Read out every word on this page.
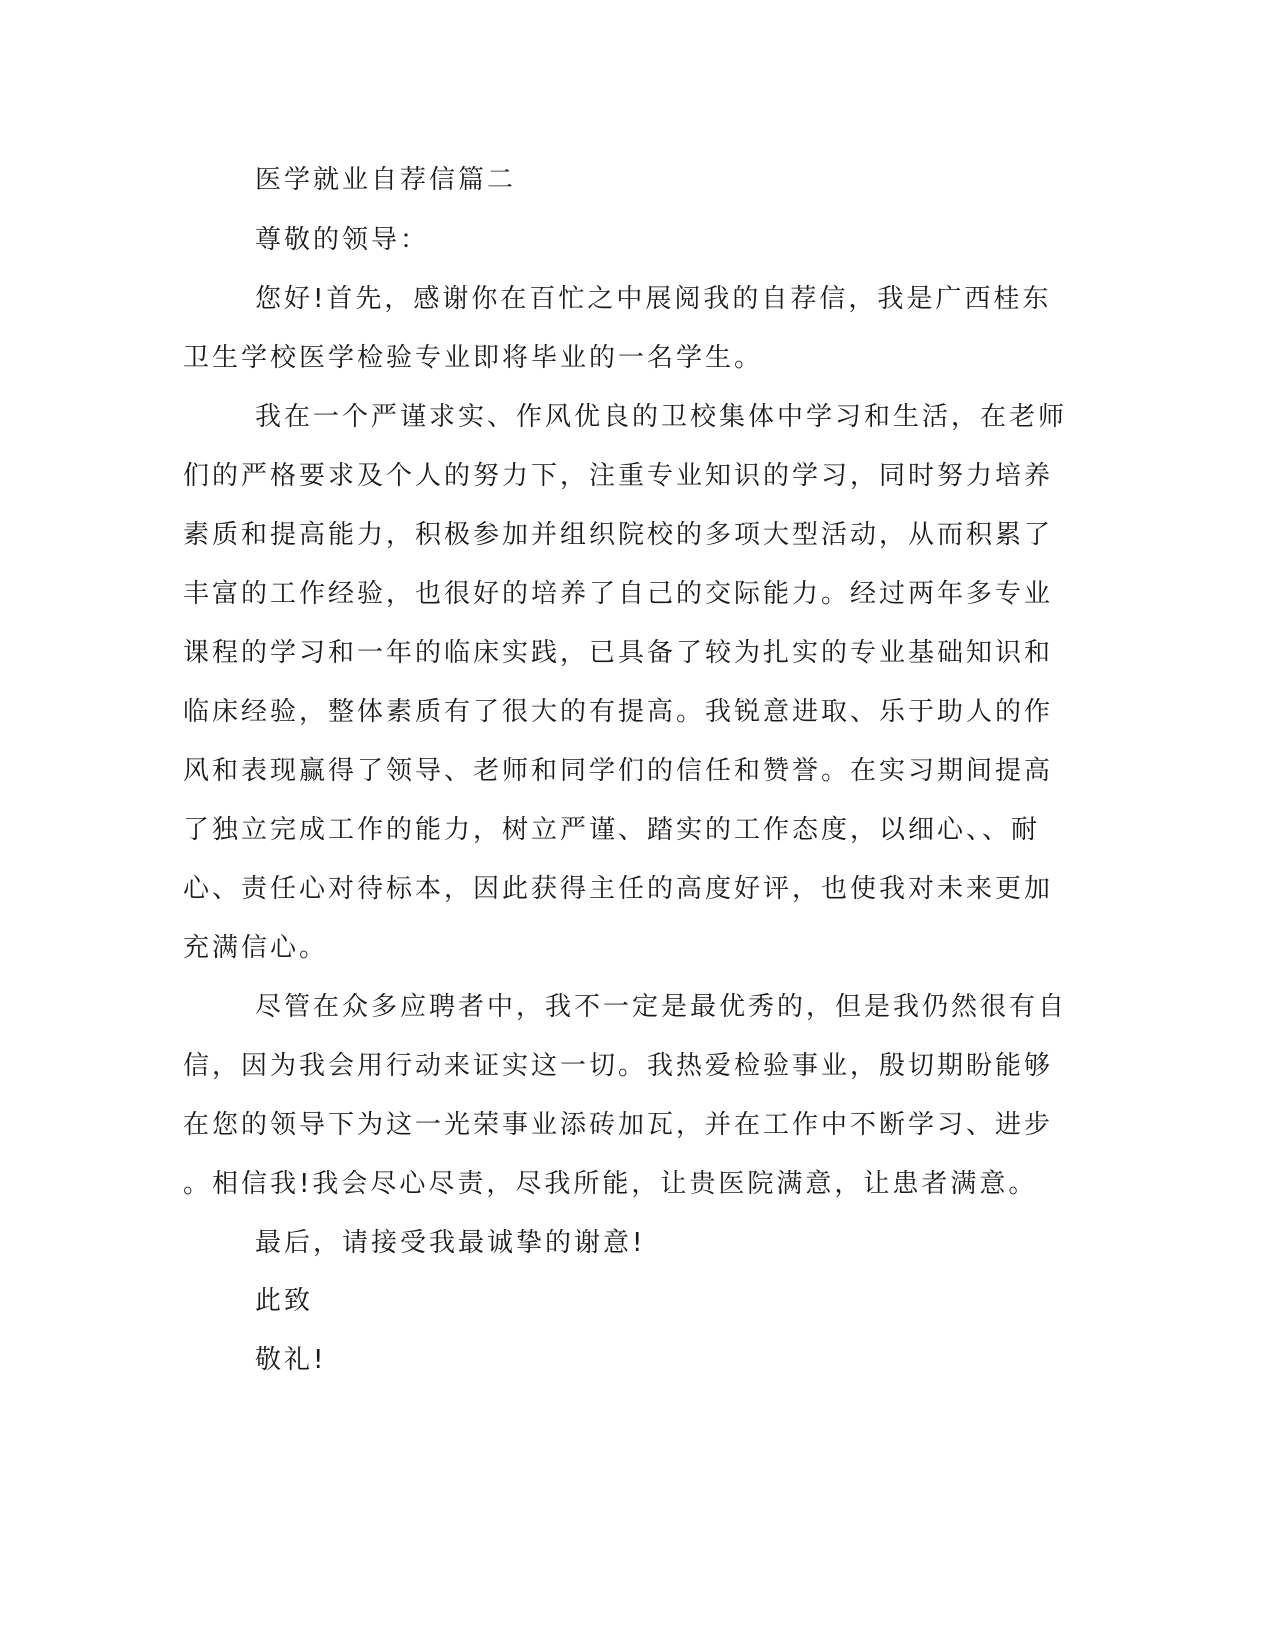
医学就业自荐信篇二
尊敬的领导：
您好!首先，感谢你在百忙之中展阅我的自荐信，我是广西桂东
卫生学校医学检验专业即将毕业的一名学生。
我在一个严谨求实、作风优良的卫校集体中学习和生活，在老师
们的严格要求及个人的努力下，注重专业知识的学习，同时努力培养
素质和提高能力，积极参加并组织院校的多项大型活动，从而积累了
丰富的工作经验，也很好的培养了自己的交际能力。经过两年多专业
课程的学习和一年的临床实践，已具备了较为扎实的专业基础知识和
临床经验，整体素质有了很大的有提高。我锐意进取、乐于助人的作
风和表现赢得了领导、老师和同学们的信任和赞誉。在实习期间提高
了独立完成工作的能力，树立严谨、踏实的工作态度，以细心、、耐
心、责任心对待标本，因此获得主任的高度好评，也使我对未来更加
充满信心。
尽管在众多应聘者中，我不一定是最优秀的，但是我仍然很有自
信，因为我会用行动来证实这一切。我热爱检验事业，殷切期盼能够
在您的领导下为这一光荣事业添砖加瓦，并在工作中不断学习、进步
。相信我!我会尽心尽责，尽我所能，让贵医院满意，让患者满意。
最后，请接受我最诚挚的谢意!
此致
敬礼!
